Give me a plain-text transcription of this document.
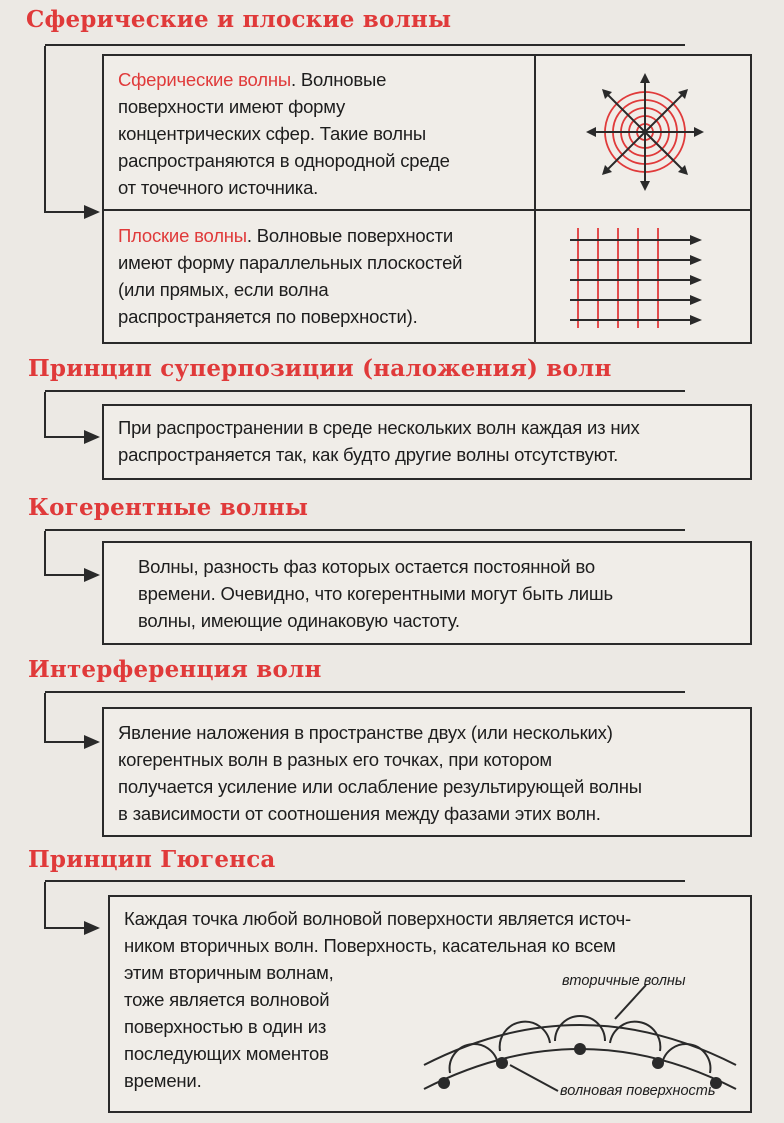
Сферические и плоские волны
Сферические волны. Волновые
поверхности имеют форму
концентрических сфер. Такие волны
распространяются в однородной среде
от точечного источника.
Плоские волны. Волновые поверхности
имеют форму параллельных плоскостей
(или прямых, если волна
распространяется по поверхности).
Принцип суперпозиции (наложения) волн
При распространении в среде нескольких волн каждая из них
распространяется так, как будто другие волны отсутствуют.
Когерентные волны
Волны, разность фаз которых остается постоянной во
времени. Очевидно, что когерентными могут быть лишь
волны, имеющие одинаковую частоту.
Интерференция волн
Явление наложения в пространстве двух (или нескольких)
когерентных волн в разных его точках, при котором
получается усиление или ослабление результирующей волны
в зависимости от соотношения между фазами этих волн.
Принцип Гюгенса
Каждая точка любой волновой поверхности является источ-
ником вторичных волн. Поверхность, касательная ко всем
этим вторичным волнам,
тоже является волновой
поверхностью в один из
последующих моментов
времени.
вторичные волны
волновая поверхность
